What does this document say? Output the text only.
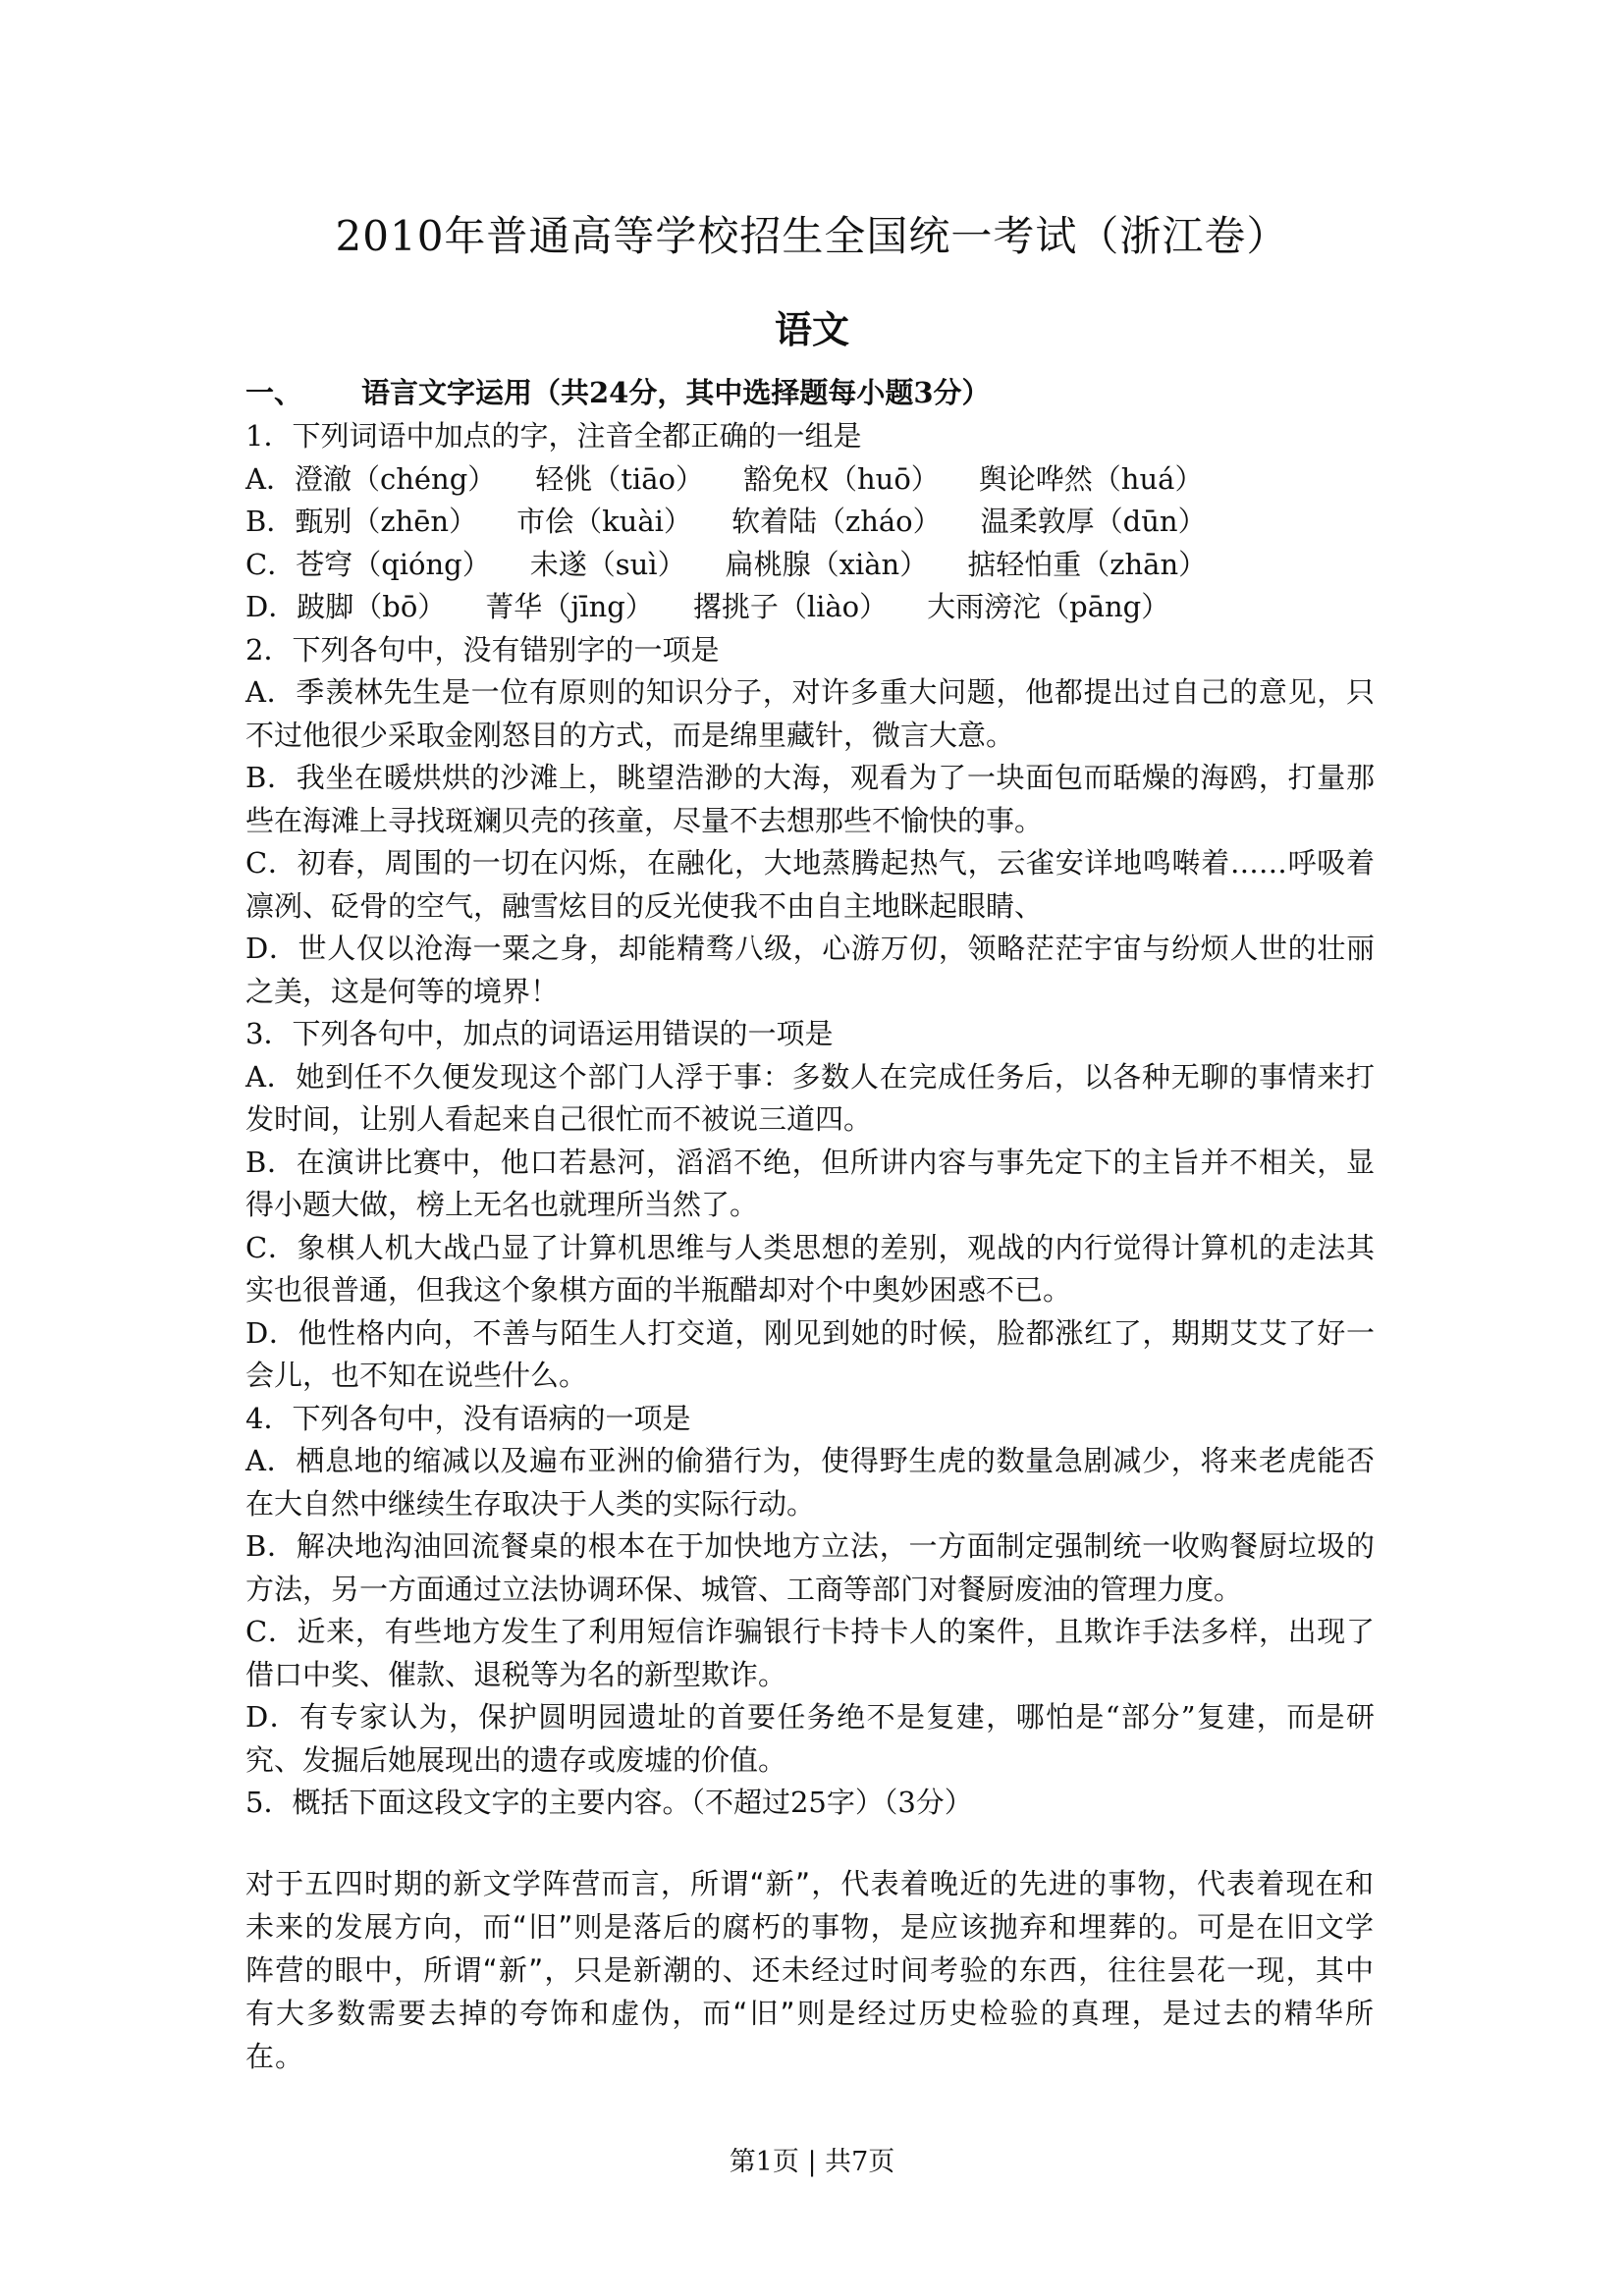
2010年普通高等学校招生全国统一考试（浙江卷）
语文
一、 语言文字运用（共24分，其中选择题每小题3分）
1．下列词语中加点的字，注音全都正确的一组是
A．澄澈（chéng） 轻佻（tiāo） 豁免权（huō） 舆论哗然（huá）
B．甄别（zhēn） 市侩（kuài） 软着陆（zháo） 温柔敦厚（dūn）
C．苍穹（qióng） 未遂（suì） 扁桃腺（xiàn） 掂轻怕重（zhān）
D．跛脚（bō） 菁华（jīng） 撂挑子（liào） 大雨滂沱（pāng）
2．下列各句中，没有错别字的一项是
A．季羡林先生是一位有原则的知识分子，对许多重大问题，他都提出过自己的意见，只不过他很少采取金刚怒目的方式，而是绵里藏针，微言大意。
B．我坐在暖烘烘的沙滩上，眺望浩渺的大海，观看为了一块面包而聒燥的海鸥，打量那些在海滩上寻找斑斓贝壳的孩童，尽量不去想那些不愉快的事。
C．初春，周围的一切在闪烁，在融化，大地蒸腾起热气，云雀安详地鸣啭着……呼吸着凛冽、砭骨的空气，融雪炫目的反光使我不由自主地眯起眼睛、
D．世人仅以沧海一粟之身，却能精骛八级，心游万仞，领略茫茫宇宙与纷烦人世的壮丽之美，这是何等的境界！
3．下列各句中，加点的词语运用错误的一项是
A．她到任不久便发现这个部门人浮于事：多数人在完成任务后，以各种无聊的事情来打发时间，让别人看起来自己很忙而不被说三道四。
B．在演讲比赛中，他口若悬河，滔滔不绝，但所讲内容与事先定下的主旨并不相关，显得小题大做，榜上无名也就理所当然了。
C．象棋人机大战凸显了计算机思维与人类思想的差别，观战的内行觉得计算机的走法其实也很普通，但我这个象棋方面的半瓶醋却对个中奥妙困惑不已。
D．他性格内向，不善与陌生人打交道，刚见到她的时候，脸都涨红了，期期艾艾了好一会儿，也不知在说些什么。
4．下列各句中，没有语病的一项是
A．栖息地的缩减以及遍布亚洲的偷猎行为，使得野生虎的数量急剧减少，将来老虎能否在大自然中继续生存取决于人类的实际行动。
B．解决地沟油回流餐桌的根本在于加快地方立法，一方面制定强制统一收购餐厨垃圾的方法，另一方面通过立法协调环保、城管、工商等部门对餐厨废油的管理力度。
C．近来，有些地方发生了利用短信诈骗银行卡持卡人的案件，且欺诈手法多样，出现了借口中奖、催款、退税等为名的新型欺诈。
D．有专家认为，保护圆明园遗址的首要任务绝不是复建，哪怕是“部分”复建，而是研究、发掘后她展现出的遗存或废墟的价值。
5．概括下面这段文字的主要内容。（不超过25字）（3分）
对于五四时期的新文学阵营而言，所谓“新”，代表着晚近的先进的事物，代表着现在和未来的发展方向，而“旧”则是落后的腐朽的事物，是应该抛弃和埋葬的。可是在旧文学阵营的眼中，所谓“新”，只是新潮的、还未经过时间考验的东西，往往昙花一现，其中有大多数需要去掉的夸饰和虚伪，而“旧”则是经过历史检验的真理，是过去的精华所在。
第1页 | 共7页
